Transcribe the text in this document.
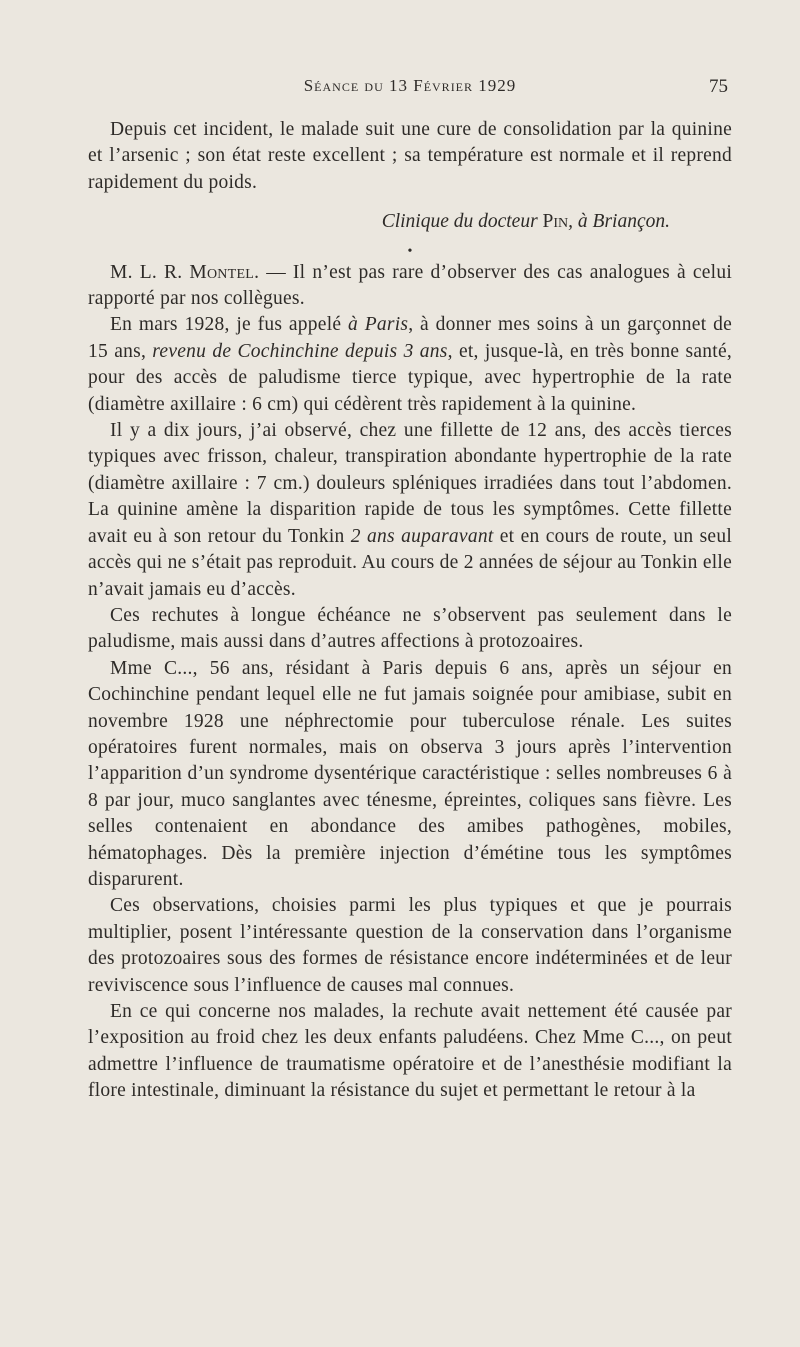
Séance du 13 Février 1929	75

Depuis cet incident, le malade suit une cure de consolidation par la quinine et l’arsenic ; son état reste excellent ; sa température est normale et il reprend rapidement du poids.

Clinique du docteur Pin, à Briançon.
•

M. L. R. Montel. — Il n’est pas rare d’observer des cas analogues à celui rapporté par nos collègues.

En mars 1928, je fus appelé à Paris, à donner mes soins à un garçonnet de 15 ans, revenu de Cochinchine depuis 3 ans, et, jusque-là, en très bonne santé, pour des accès de paludisme tierce typique, avec hypertrophie de la rate (diamètre axillaire : 6 cm) qui cédèrent très rapidement à la quinine.

Il y a dix jours, j’ai observé, chez une fillette de 12 ans, des accès tierces typiques avec frisson, chaleur, transpiration abondante hypertrophie de la rate (diamètre axillaire : 7 cm.) douleurs spléniques irradiées dans tout l’abdomen. La quinine amène la disparition rapide de tous les symptômes. Cette fillette avait eu à son retour du Tonkin 2 ans auparavant et en cours de route, un seul accès qui ne s’était pas reproduit. Au cours de 2 années de séjour au Tonkin elle n’avait jamais eu d’accès.

Ces rechutes à longue échéance ne s’observent pas seulement dans le paludisme, mais aussi dans d’autres affections à protozoaires.

Mme C..., 56 ans, résidant à Paris depuis 6 ans, après un séjour en Cochinchine pendant lequel elle ne fut jamais soignée pour amibiase, subit en novembre 1928 une néphrectomie pour tuberculose rénale. Les suites opératoires furent normales, mais on observa 3 jours après l’intervention l’apparition d’un syndrome dysentérique caractéristique : selles nombreuses 6 à 8 par jour, muco sanglantes avec ténesme, épreintes, coliques sans fièvre. Les selles contenaient en abondance des amibes pathogènes, mobiles, hématophages. Dès la première injection d’émétine tous les symptômes disparurent.

Ces observations, choisies parmi les plus typiques et que je pourrais multiplier, posent l’intéressante question de la conservation dans l’organisme des protozoaires sous des formes de résistance encore indéterminées et de leur reviviscence sous l’influence de causes mal connues.

En ce qui concerne nos malades, la rechute avait nettement été causée par l’exposition au froid chez les deux enfants paludéens. Chez Mme C..., on peut admettre l’influence de traumatisme opératoire et de l’anesthésie modifiant la flore intestinale, diminuant la résistance du sujet et permettant le retour à la
